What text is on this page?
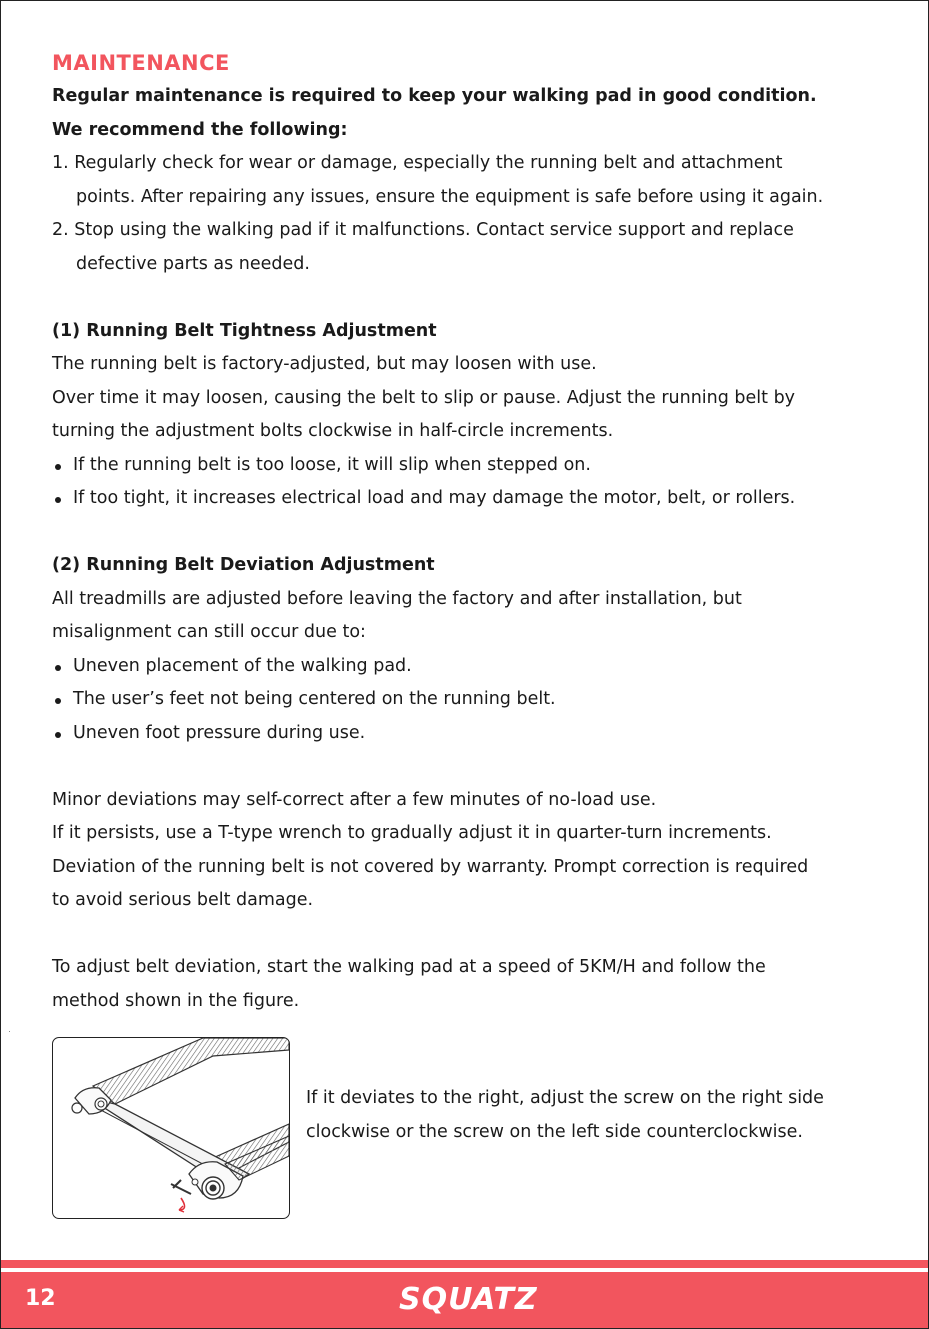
MAINTENANCE

Regular maintenance is required to keep your walking pad in good condition.

We recommend the following:

1. Regularly check for wear or damage, especially the running belt and attachment

points. After repairing any issues, ensure the equipment is safe before using it again.

2. Stop using the walking pad if it malfunctions. Contact service support and replace

defective parts as needed.

(1) Running Belt Tightness Adjustment

The running belt is factory-adjusted, but may loosen with use.

Over time it may loosen, causing the belt to slip or pause. Adjust the running belt by

turning the adjustment bolts clockwise in half-circle increments.

If the running belt is too loose, it will slip when stepped on.

If too tight, it increases electrical load and may damage the motor, belt, or rollers.

(2) Running Belt Deviation Adjustment

All treadmills are adjusted before leaving the factory and after installation, but

misalignment can still occur due to:

Uneven placement of the walking pad.

The user’s feet not being centered on the running belt.

Uneven foot pressure during use.

Minor deviations may self-correct after a few minutes of no-load use.

If it persists, use a T-type wrench to gradually adjust it in quarter-turn increments.

Deviation of the running belt is not covered by warranty. Prompt correction is required

to avoid serious belt damage.

To adjust belt deviation, start the walking pad at a speed of 5KM/H and follow the

method shown in the figure.

If it deviates to the right, adjust the screw on the right side

clockwise or the screw on the left side counterclockwise.

12	SQUATZ
